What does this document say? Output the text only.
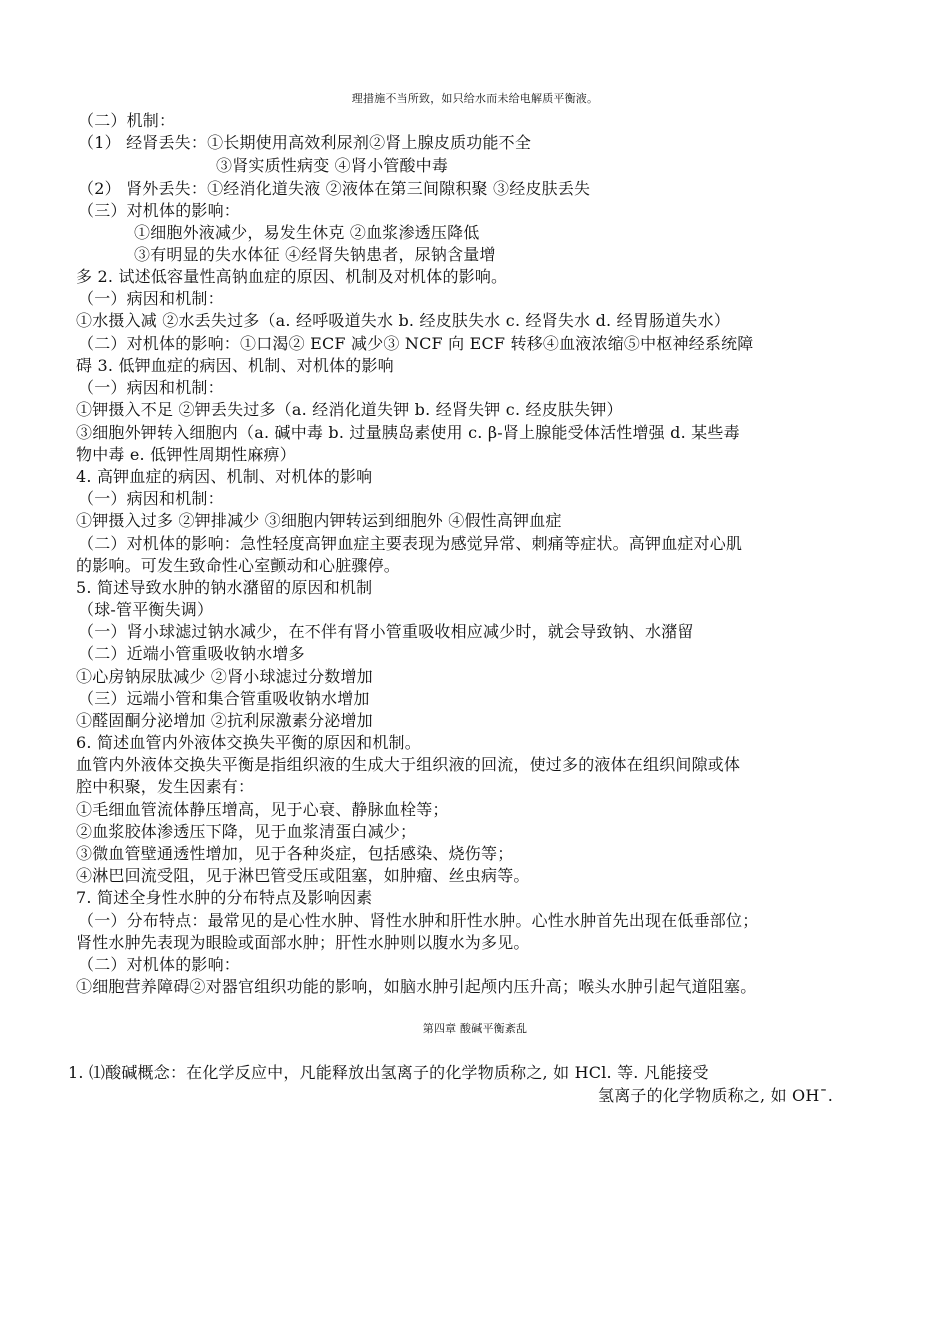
理措施不当所致，如只给水而未给电解质平衡液。
（二）机制：
（1） 经肾丢失：①长期使用高效利尿剂②肾上腺皮质功能不全
③肾实质性病变 ④肾小管酸中毒
（2） 肾外丢失：①经消化道失液 ②液体在第三间隙积聚 ③经皮肤丢失
（三）对机体的影响：
①细胞外液减少，易发生休克 ②血浆渗透压降低
③有明显的失水体征 ④经肾失钠患者，尿钠含量增
多 2. 试述低容量性高钠血症的原因、机制及对机体的影响。
（一）病因和机制：
①水摄入减 ②水丢失过多（a. 经呼吸道失水 b. 经皮肤失水 c. 经肾失水 d. 经胃肠道失水）
（二）对机体的影响：①口渴② ECF 减少③ NCF 向 ECF 转移④血液浓缩⑤中枢神经系统障
碍 3. 低钾血症的病因、机制、对机体的影响
（一）病因和机制：
①钾摄入不足 ②钾丢失过多（a. 经消化道失钾 b. 经肾失钾 c. 经皮肤失钾）
③细胞外钾转入细胞内（a. 碱中毒 b. 过量胰岛素使用 c. β-肾上腺能受体活性增强 d. 某些毒
物中毒 e. 低钾性周期性麻痹）
4. 高钾血症的病因、机制、对机体的影响
（一）病因和机制：
①钾摄入过多 ②钾排减少 ③细胞内钾转运到细胞外 ④假性高钾血症
（二）对机体的影响：急性轻度高钾血症主要表现为感觉异常、刺痛等症状。高钾血症对心肌
的影响。可发生致命性心室颤动和心脏骤停。
5. 简述导致水肿的钠水潴留的原因和机制
（球-管平衡失调）
（一）肾小球滤过钠水减少，在不伴有肾小管重吸收相应减少时，就会导致钠、水潴留
（二）近端小管重吸收钠水增多
①心房钠尿肽减少 ②肾小球滤过分数增加
（三）远端小管和集合管重吸收钠水增加
①醛固酮分泌增加 ②抗利尿激素分泌增加
6. 简述血管内外液体交换失平衡的原因和机制。
血管内外液体交换失平衡是指组织液的生成大于组织液的回流，使过多的液体在组织间隙或体
腔中积聚，发生因素有：
①毛细血管流体静压增高，见于心衰、静脉血栓等；
②血浆胶体渗透压下降，见于血浆清蛋白减少；
③微血管壁通透性增加，见于各种炎症，包括感染、烧伤等；
④淋巴回流受阻，见于淋巴管受压或阻塞，如肿瘤、丝虫病等。
7. 简述全身性水肿的分布特点及影响因素
（一）分布特点：最常见的是心性水肿、肾性水肿和肝性水肿。心性水肿首先出现在低垂部位；
肾性水肿先表现为眼睑或面部水肿；肝性水肿则以腹水为多见。
（二）对机体的影响：
①细胞营养障碍②对器官组织功能的影响，如脑水肿引起颅内压升高；喉头水肿引起气道阻塞。
第四章 酸碱平衡紊乱
1. ⑴酸碱概念：在化学反应中，凡能释放出氢离子的化学物质称之, 如 HCl. 等. 凡能接受
氢离子的化学物质称之, 如 OH¯.
